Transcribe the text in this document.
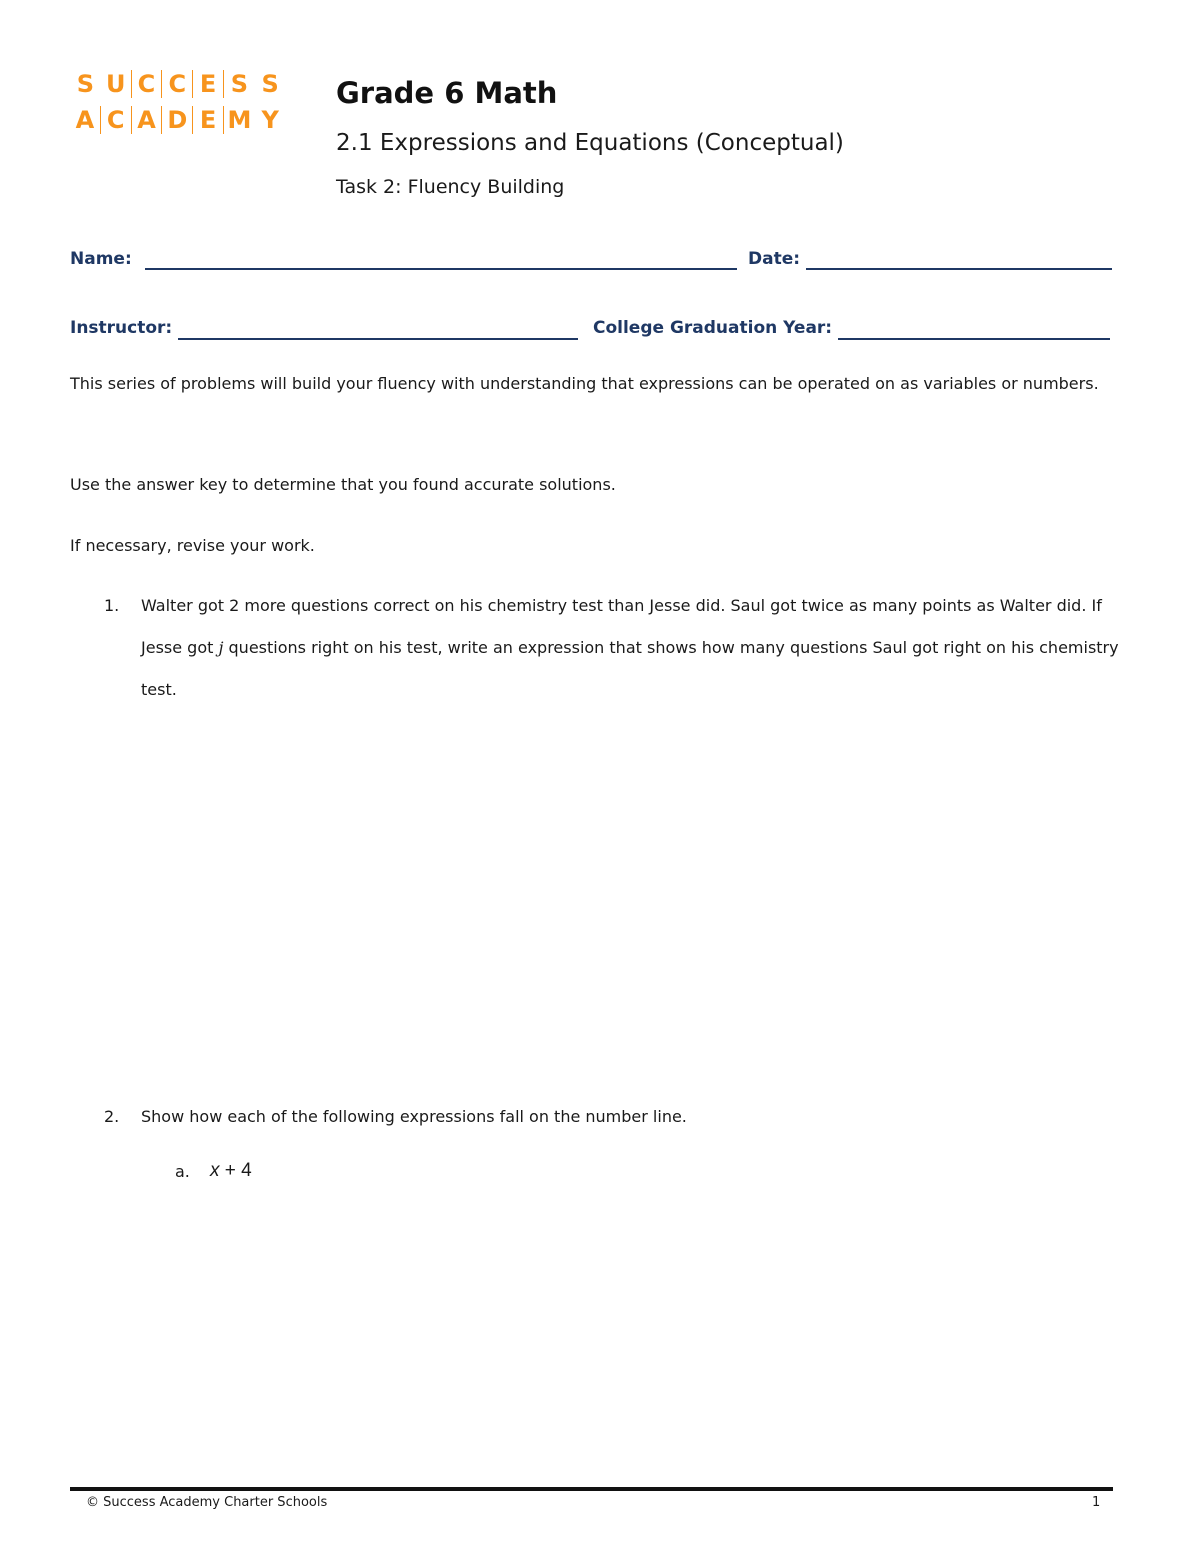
S U C C E S S
A C A D E M Y
Grade 6 Math
2.1 Expressions and Equations (Conceptual)
Task 2: Fluency Building
Name:	Date:
Instructor:	College Graduation Year:
This series of problems will build your fluency with understanding that expressions can be operated on as variables or numbers.
Use the answer key to determine that you found accurate solutions.
If necessary, revise your work.
1. Walter got 2 more questions correct on his chemistry test than Jesse did. Saul got twice as many points as Walter did. If Jesse got j questions right on his test, write an expression that shows how many questions Saul got right on his chemistry test.
2. Show how each of the following expressions fall on the number line.
a. x + 4
© Success Academy Charter Schools	1
